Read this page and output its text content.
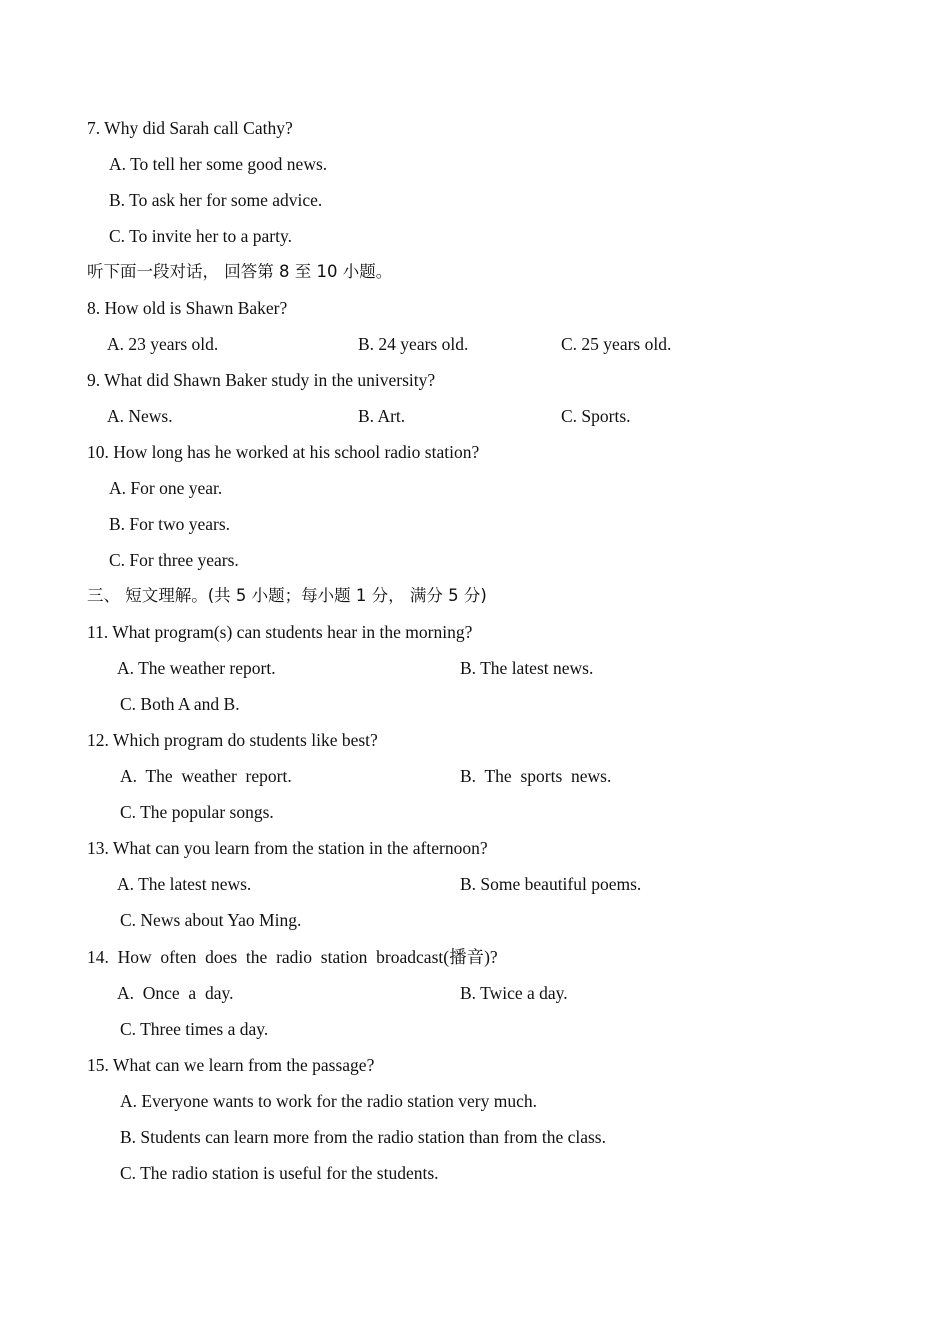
7. Why did Sarah call Cathy?
A. To tell her some good news.
B. To ask her for some advice.
C. To invite her to a party.
听下面一段对话， 回答第 8 至 10 小题。
8. How old is Shawn Baker?
A. 23 years old.	B. 24 years old.	C. 25 years old.
9. What did Shawn Baker study in the university?
A. News.	B. Art.	C. Sports.
10. How long has he worked at his school radio station?
A. For one year.
B. For two years.
C. For three years.
三、 短文理解。(共 5 小题；每小题 1 分， 满分 5 分)
11. What program(s) can students hear in the morning?
A. The weather report.	B. The latest news.
C. Both A and B.
12. Which program do students like best?
A.  The  weather  report.	B.  The  sports  news.
C. The popular songs.
13. What can you learn from the station in the afternoon?
A. The latest news.	B. Some beautiful poems.
C. News about Yao Ming.
14.  How  often  does  the  radio  station  broadcast(播音)?
A.  Once  a  day.	B. Twice a day.
C. Three times a day.
15. What can we learn from the passage?
A. Everyone wants to work for the radio station very much.
B. Students can learn more from the radio station than from the class.
C. The radio station is useful for the students.
